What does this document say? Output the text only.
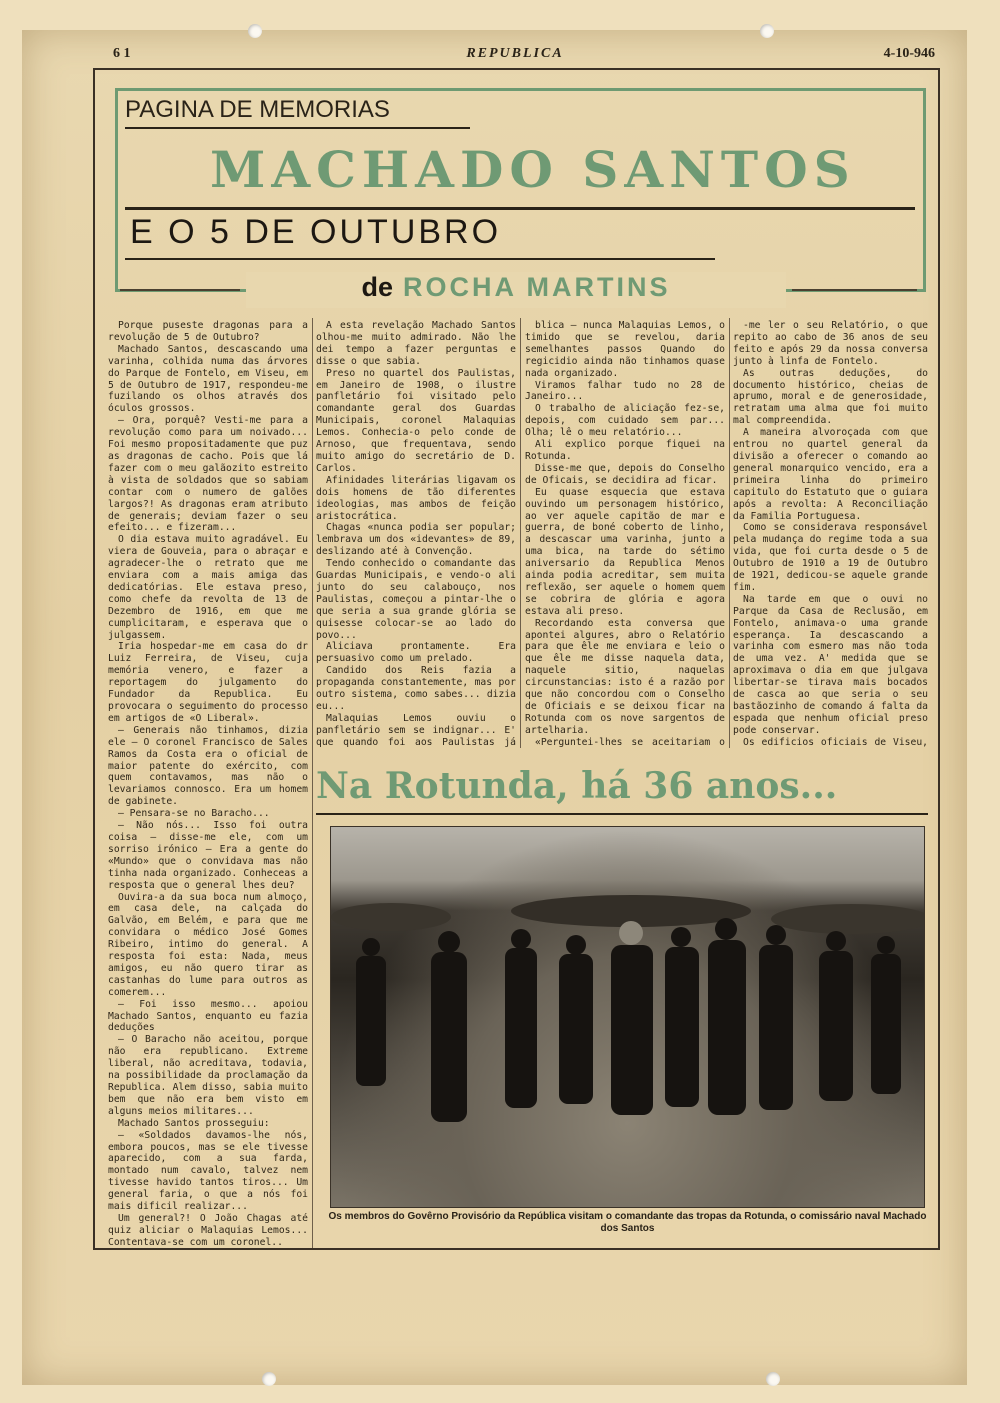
6 1	REPUBLICA	4-10-946
PAGINA DE MEMORIAS
MACHADO SANTOS
E O 5 DE OUTUBRO
de ROCHA MARTINS

Porque puseste dragonas para a revolução de 5 de Outubro?

Machado Santos, descascando uma varinha, colhida numa das árvores do Parque de Fontelo, em Viseu, em 5 de Outubro de 1917, respondeu-me fuzilando os olhos através dos óculos grossos.

— Ora, porquê? Vesti-me para a revolução como para um noivado... Foi mesmo propositadamente que puz as dragonas de cacho. Pois que lá fazer com o meu galãozito estreito à vista de soldados que so sabiam contar com o numero de galões largos?! As dragonas eram atributo de generais; deviam fazer o seu efeito... e fizeram...

O dia estava muito agradável. Eu viera de Gouveia, para o abraçar e agradecer-lhe o retrato que me enviara com a mais amiga das dedicatórias. Ele estava preso, como chefe da revolta de 13 de Dezembro de 1916, em que me cumplicitaram, e esperava que o julgassem.

Iria hospedar-me em casa do dr Luiz Ferreira, de Viseu, cuja memória venero, e fazer a reportagem do julgamento do Fundador da Republica. Eu provocara o seguimento do processo em artigos de «O Liberal».

— Generais não tinhamos, dizia ele — O coronel Francisco de Sales Ramos da Costa era o oficial de maior patente do exército, com quem contavamos, mas não o levariamos connosco. Era um homem de gabinete.

— Pensara-se no Baracho...

— Não nós... Isso foi outra coisa — disse-me ele, com um sorriso irónico — Era a gente do «Mundo» que o convidava mas não tinha nada organizado. Conheceas a resposta que o general lhes deu?

Ouvira-a da sua boca num almoço, em casa dele, na calçada do Galvão, em Belém, e para que me convidara o médico José Gomes Ribeiro, intimo do general. A resposta foi esta: Nada, meus amigos, eu não quero tirar as castanhas do lume para outros as comerem...

— Foi isso mesmo... apoiou Machado Santos, enquanto eu fazia deduções

— O Baracho não aceitou, porque não era republicano. Extreme liberal, não acreditava, todavia, na possibilidade da proclamação da Republica. Alem disso, sabia muito bem que não era bem visto em alguns meios militares...

Machado Santos prosseguiu:

— «Soldados davamos-lhe nós, embora poucos, mas se ele tivesse aparecido, com a sua farda, montado num cavalo, talvez nem tivesse havido tantos tiros... Um general faria, o que a nós foi mais dificil realizar...

Um general?! O João Chagas até quiz aliciar o Malaquias Lemos... Contentava-se com um coronel..

A esta revelação Machado Santos olhou-me muito admirado. Não lhe dei tempo a fazer perguntas e disse o que sabia.

Preso no quartel dos Paulistas, em Janeiro de 1908, o ilustre panfletário foi visitado pelo comandante geral dos Guardas Municipais, coronel Malaquias Lemos. Conhecia-o pelo conde de Arnoso, que frequentava, sendo muito amigo do secretário de D. Carlos.

Afinidades literárias ligavam os dois homens de tão diferentes ideologias, mas ambos de feição aristocrática.

Chagas «nunca podia ser popular; lembrava um dos «idevantes» de 89, deslizando até à Convenção.

Tendo conhecido o comandante das Guardas Municipais, e vendo-o ali junto do seu calabouço, nos Paulistas, começou a pintar-lhe o que seria a sua grande glória se quisesse colocar-se ao lado do povo...

Aliciava prontamente. Era persuasivo como um prelado.

Candido dos Reis fazia a propaganda constantemente, mas por outro sistema, como sabes... dizia eu...

Malaquias Lemos ouviu o panfletário sem se indignar... E' que quando foi aos Paulistas já

blica — nunca Malaquias Lemos, o timido que se revelou, daria semelhantes passos Quando do regicidio ainda não tinhamos quase nada organizado.

Viramos falhar tudo no 28 de Janeiro...

O trabalho de aliciação fez-se, depois, com cuidado sem par... Olha; lê o meu relatório...

Ali explico porque fiquei na Rotunda.

Disse-me que, depois do Conselho de Oficais, se decidira ad ficar.

Eu quase esquecia que estava ouvindo um personagem histórico, ao ver aquele capitão de mar e guerra, de boné coberto de linho, a descascar uma varinha, junto a uma bica, na tarde do sétimo aniversario da Republica Menos ainda podia acreditar, sem muita reflexão, ser aquele o homem quem se cobrira de glória e agora estava ali preso.

Recordando esta conversa que apontei algures, abro o Relatório para que êle me enviara e leio o que êle me disse naquela data, naquele sitio, naquelas circunstancias: isto é a razão por que não concordou com o Conselho de Oficiais e se deixou ficar na Rotunda com os nove sargentos de artelharia.

«Perguntei-lhes se aceitariam o

-me ler o seu Relatório, o que repito ao cabo de 36 anos de seu feito e após 29 da nossa conversa junto à linfa de Fontelo.

As outras deduções, do documento histórico, cheias de aprumo, moral e de generosidade, retratam uma alma que foi muito mal compreendida.

A maneira alvoroçada com que entrou no quartel general da divisão a oferecer o comando ao general monarquico vencido, era a primeira linha do primeiro capitulo do Estatuto que o guiara após a revolta: A Reconciliação da Familia Portuguesa.

Como se considerava responsável pela mudança do regime toda a sua vida, que foi curta desde o 5 de Outubro de 1910 a 19 de Outubro de 1921, dedicou-se aquele grande fim.

Na tarde em que o ouvi no Parque da Casa de Reclusão, em Fontelo, animava-o uma grande esperança. Ia descascando a varinha com esmero mas não toda de uma vez. A' medida que se aproximava o dia em que julgava libertar-se tirava mais bocados de casca ao que seria o seu bastãozinho de comando á falta da espada que nenhum oficial preso pode conservar.

Os edificios oficiais de Viseu,

Na Rotunda, há 36 anos...
Os membros do Govêrno Provisório da República visitam o comandante das tropas da Rotunda, o comissário naval Machado dos Santos
